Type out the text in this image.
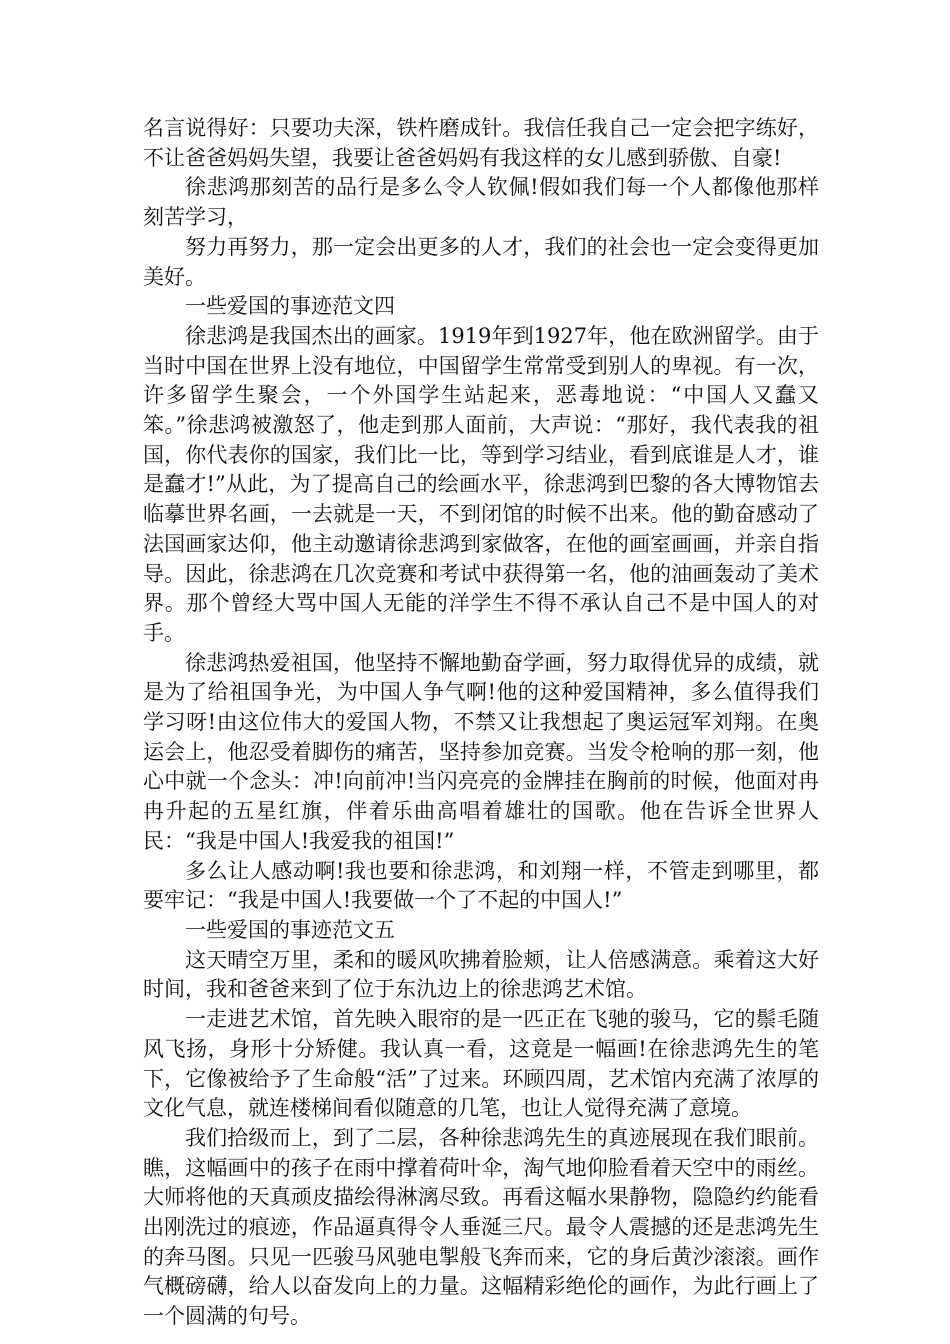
名言说得好：只要功夫深，铁杵磨成针。我信任我自己一定会把字练好，不让爸爸妈妈失望，我要让爸爸妈妈有我这样的女儿感到骄傲、自豪!

徐悲鸿那刻苦的品行是多么令人钦佩!假如我们每一个人都像他那样刻苦学习，

努力再努力，那一定会出更多的人才，我们的社会也一定会变得更加美好。

一些爱国的事迹范文四

徐悲鸿是我国杰出的画家。1919年到1927年，他在欧洲留学。由于当时中国在世界上没有地位，中国留学生常常受到别人的卑视。有一次，许多留学生聚会，一个外国学生站起来，恶毒地说：“中国人又蠢又笨。”徐悲鸿被激怒了，他走到那人面前，大声说：“那好，我代表我的祖国，你代表你的国家，我们比一比，等到学习结业，看到底谁是人才，谁是蠢才!”从此，为了提高自己的绘画水平，徐悲鸿到巴黎的各大博物馆去临摹世界名画，一去就是一天，不到闭馆的时候不出来。他的勤奋感动了法国画家达仰，他主动邀请徐悲鸿到家做客，在他的画室画画，并亲自指导。因此，徐悲鸿在几次竞赛和考试中获得第一名，他的油画轰动了美术界。那个曾经大骂中国人无能的洋学生不得不承认自己不是中国人的对手。

徐悲鸿热爱祖国，他坚持不懈地勤奋学画，努力取得优异的成绩，就是为了给祖国争光，为中国人争气啊!他的这种爱国精神，多么值得我们学习呀!由这位伟大的爱国人物，不禁又让我想起了奥运冠军刘翔。在奥运会上，他忍受着脚伤的痛苦，坚持参加竞赛。当发令枪响的那一刻，他心中就一个念头：冲!向前冲!当闪亮亮的金牌挂在胸前的时候，他面对冉冉升起的五星红旗，伴着乐曲高唱着雄壮的国歌。他在告诉全世界人民：“我是中国人!我爱我的祖国!”

多么让人感动啊!我也要和徐悲鸿，和刘翔一样，不管走到哪里，都要牢记：“我是中国人!我要做一个了不起的中国人!”

一些爱国的事迹范文五

这天晴空万里，柔和的暖风吹拂着脸颊，让人倍感满意。乘着这大好时间，我和爸爸来到了位于东氿边上的徐悲鸿艺术馆。

一走进艺术馆，首先映入眼帘的是一匹正在飞驰的骏马，它的鬃毛随风飞扬，身形十分矫健。我认真一看，这竟是一幅画!在徐悲鸿先生的笔下，它像被给予了生命般“活”了过来。环顾四周，艺术馆内充满了浓厚的文化气息，就连楼梯间看似随意的几笔，也让人觉得充满了意境。

我们拾级而上，到了二层，各种徐悲鸿先生的真迹展现在我们眼前。瞧，这幅画中的孩子在雨中撑着荷叶伞，淘气地仰脸看着天空中的雨丝。大师将他的天真顽皮描绘得淋漓尽致。再看这幅水果静物，隐隐约约能看出刚洗过的痕迹，作品逼真得令人垂涎三尺。最令人震撼的还是悲鸿先生的奔马图。只见一匹骏马风驰电掣般飞奔而来，它的身后黄沙滚滚。画作气概磅礴，给人以奋发向上的力量。这幅精彩绝伦的画作，为此行画上了一个圆满的句号。
